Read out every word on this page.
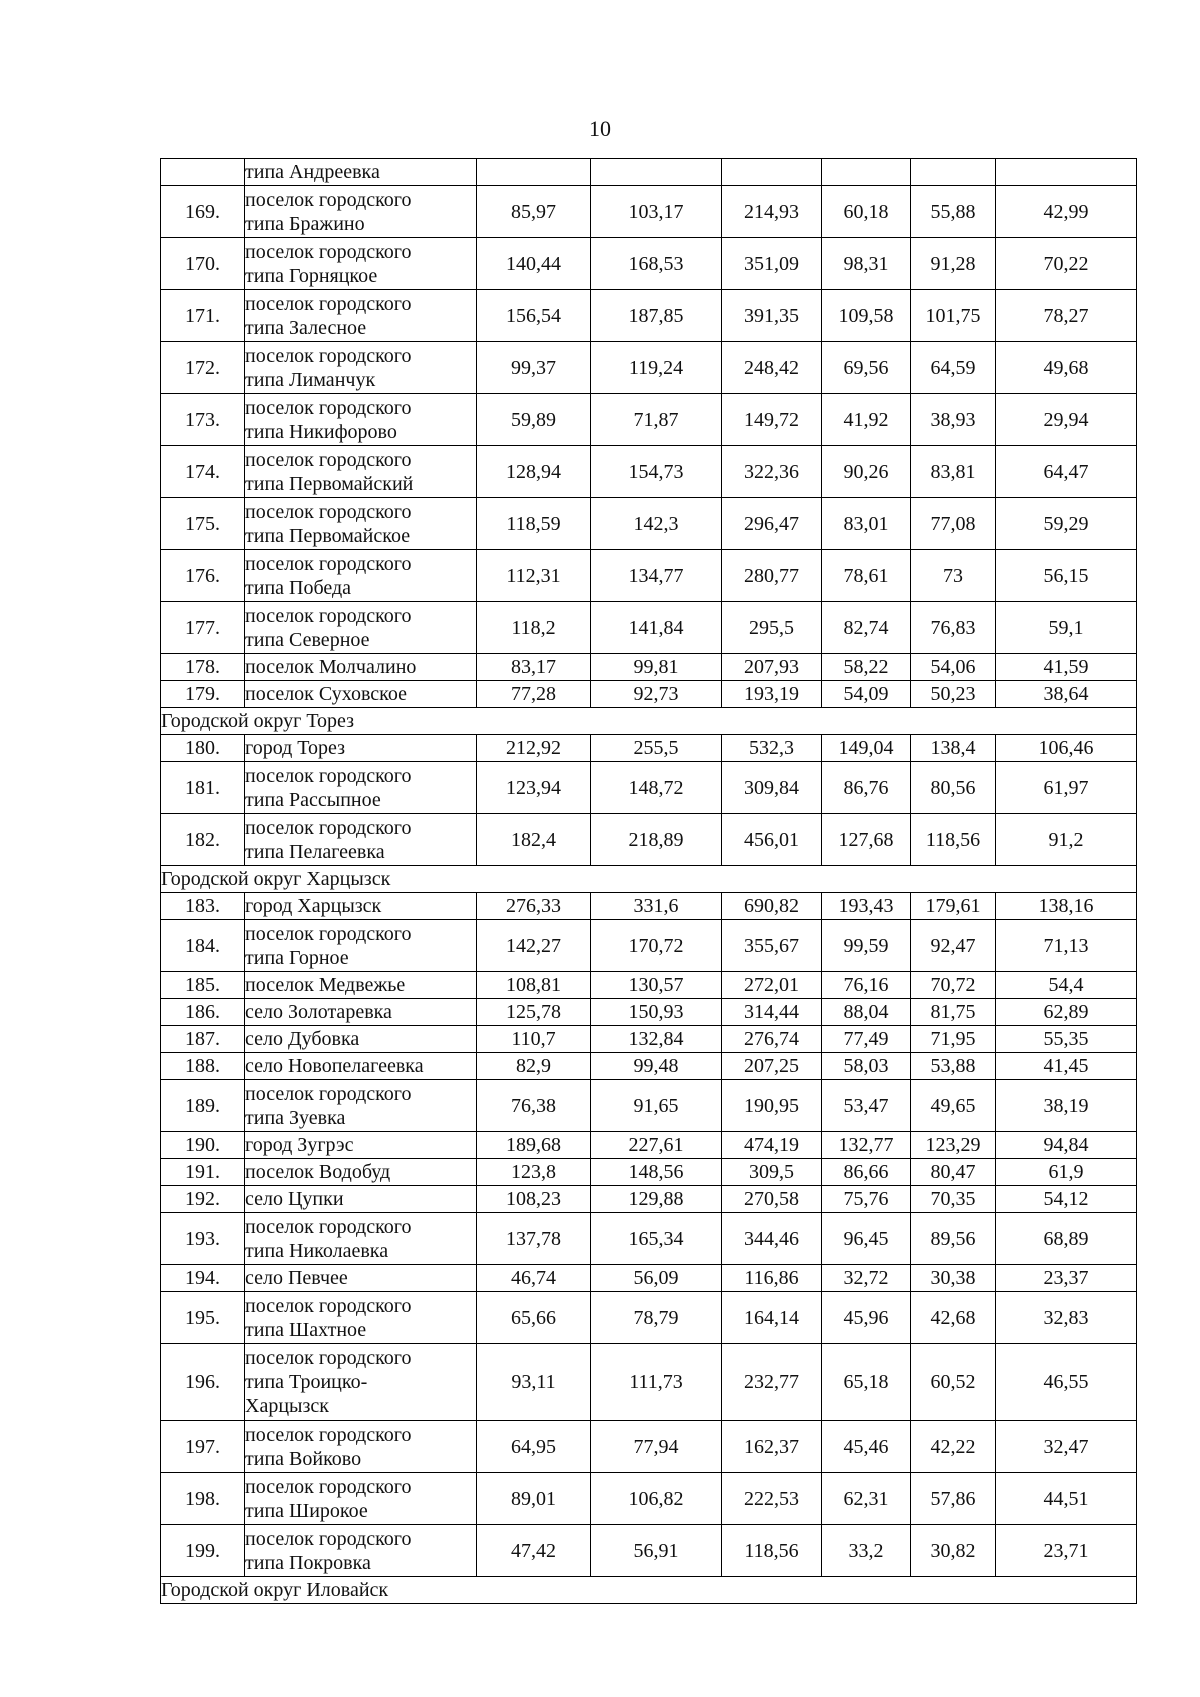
10
	типа Андреевка						
169.	поселок городского
типа Бражино	85,97	103,17	214,93	60,18	55,88	42,99
170.	поселок городского
типа Горняцкое	140,44	168,53	351,09	98,31	91,28	70,22
171.	поселок городского
типа Залесное	156,54	187,85	391,35	109,58	101,75	78,27
172.	поселок городского
типа Лиманчук	99,37	119,24	248,42	69,56	64,59	49,68
173.	поселок городского
типа Никифорово	59,89	71,87	149,72	41,92	38,93	29,94
174.	поселок городского
типа Первомайский	128,94	154,73	322,36	90,26	83,81	64,47
175.	поселок городского
типа Первомайское	118,59	142,3	296,47	83,01	77,08	59,29
176.	поселок городского
типа Победа	112,31	134,77	280,77	78,61	73	56,15
177.	поселок городского
типа Северное	118,2	141,84	295,5	82,74	76,83	59,1
178.	поселок Молчалино	83,17	99,81	207,93	58,22	54,06	41,59
179.	поселок Суховское	77,28	92,73	193,19	54,09	50,23	38,64
Городской округ Торез							
180.	город Торез	212,92	255,5	532,3	149,04	138,4	106,46
181.	поселок городского
типа Рассыпное	123,94	148,72	309,84	86,76	80,56	61,97
182.	поселок городского
типа Пелагеевка	182,4	218,89	456,01	127,68	118,56	91,2
Городской округ Харцызск							
183.	город Харцызск	276,33	331,6	690,82	193,43	179,61	138,16
184.	поселок городского
типа Горное	142,27	170,72	355,67	99,59	92,47	71,13
185.	поселок Медвежье	108,81	130,57	272,01	76,16	70,72	54,4
186.	село Золотаревка	125,78	150,93	314,44	88,04	81,75	62,89
187.	село Дубовка	110,7	132,84	276,74	77,49	71,95	55,35
188.	село Новопелагеевка	82,9	99,48	207,25	58,03	53,88	41,45
189.	поселок городского
типа Зуевка	76,38	91,65	190,95	53,47	49,65	38,19
190.	город Зугрэс	189,68	227,61	474,19	132,77	123,29	94,84
191.	поселок Водобуд	123,8	148,56	309,5	86,66	80,47	61,9
192.	село Цупки	108,23	129,88	270,58	75,76	70,35	54,12
193.	поселок городского
типа Николаевка	137,78	165,34	344,46	96,45	89,56	68,89
194.	село Певчее	46,74	56,09	116,86	32,72	30,38	23,37
195.	поселок городского
типа Шахтное	65,66	78,79	164,14	45,96	42,68	32,83
196.	поселок городского
типа Троицко-
Харцызск	93,11	111,73	232,77	65,18	60,52	46,55
197.	поселок городского
типа Войково	64,95	77,94	162,37	45,46	42,22	32,47
198.	поселок городского
типа Широкое	89,01	106,82	222,53	62,31	57,86	44,51
199.	поселок городского
типа Покровка	47,42	56,91	118,56	33,2	30,82	23,71
Городской округ Иловайск							
